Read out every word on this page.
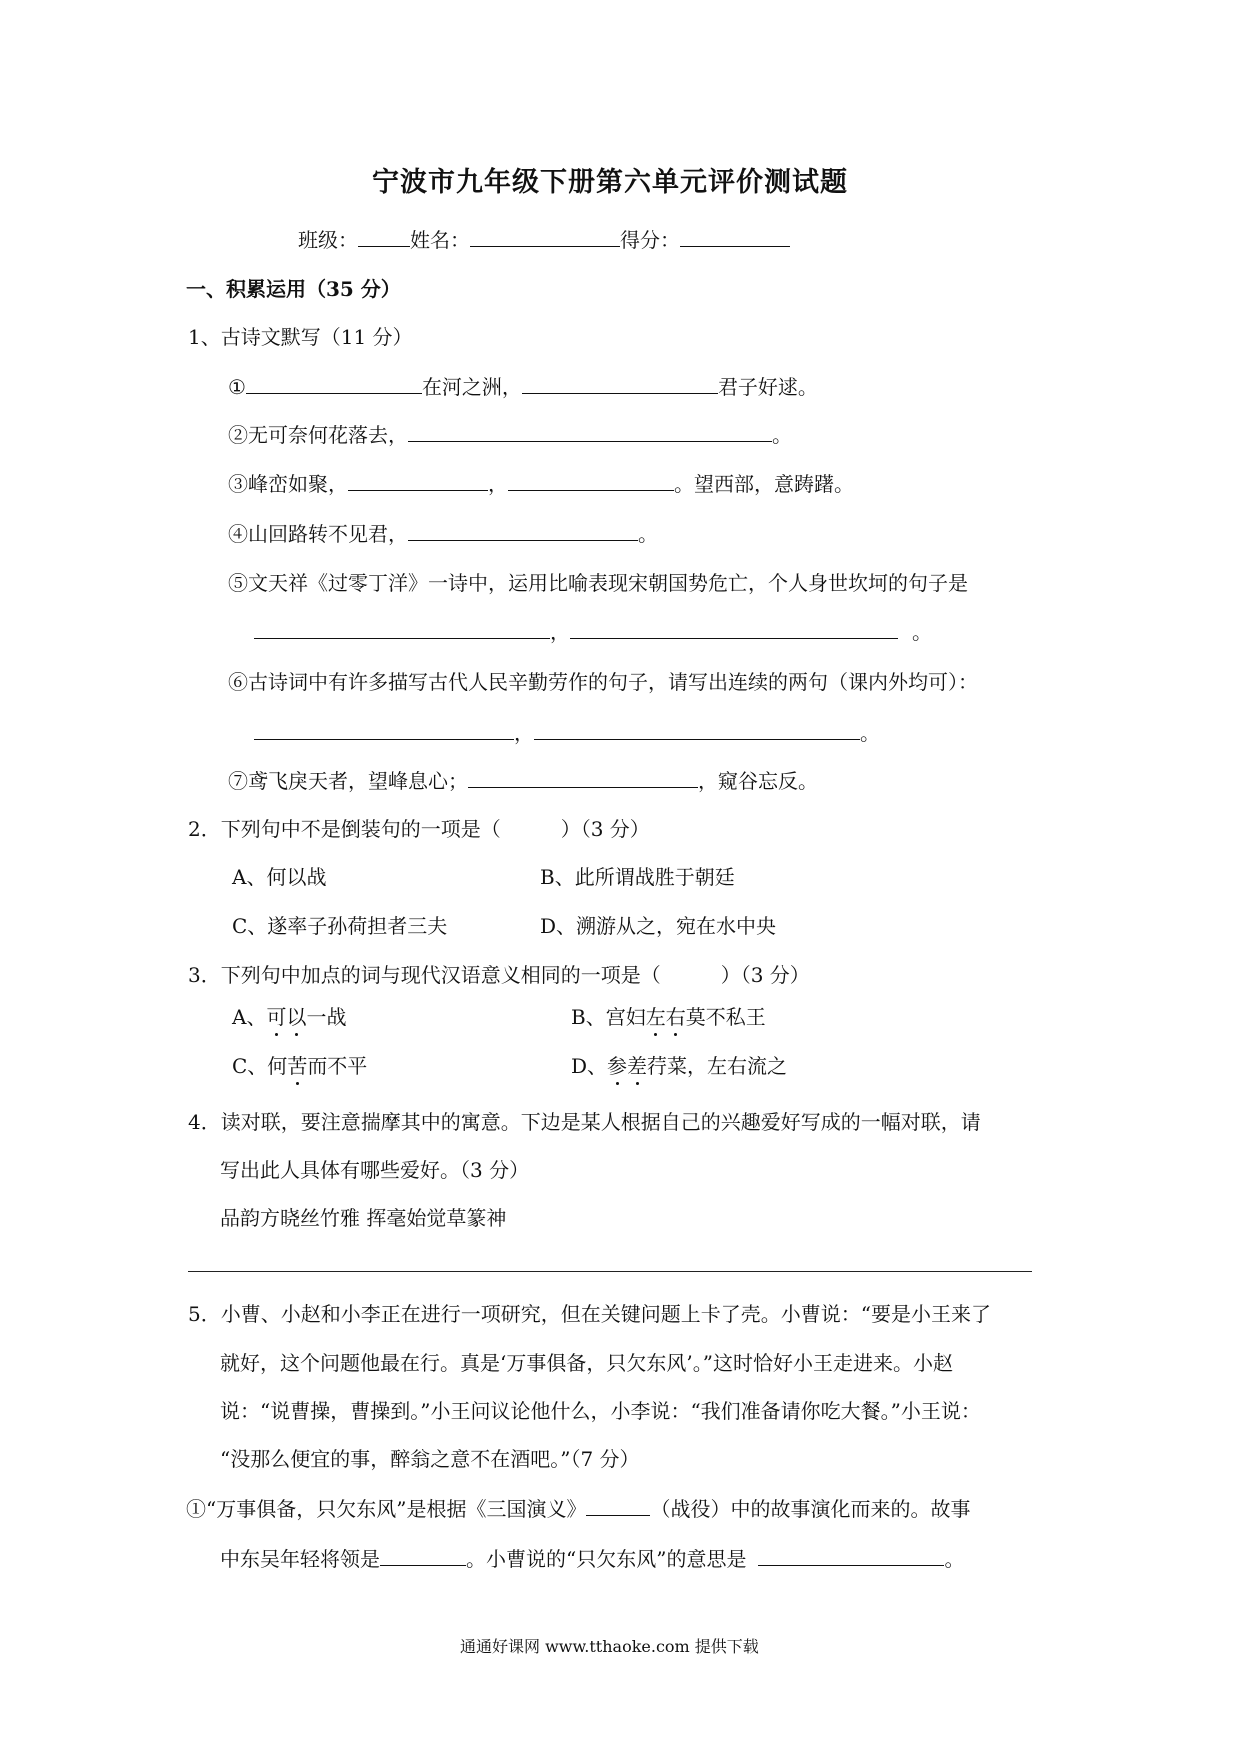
宁波市九年级下册第六单元评价测试题
班级：	姓名：	得分：
一、积累运用（35 分）
1、古诗文默写（11 分）
①	在河之洲，	君子好逑。
②无可奈何花落去，	。
③峰峦如聚，	，	。望西部，意踌躇。
④山回路转不见君，	。
⑤文天祥《过零丁洋》一诗中，运用比喻表现宋朝国势危亡，个人身世坎坷的句子是
，	。
⑥古诗词中有许多描写古代人民辛勤劳作的句子，请写出连续的两句（课内外均可）：
，	。
⑦鸢飞戾天者，望峰息心；	，窥谷忘反。
2．下列句中不是倒装句的一项是（　　　）（3 分）
A、何以战	B、此所谓战胜于朝廷
C、遂率子孙荷担者三夫	D、溯游从之，宛在水中央
3．下列句中加点的词与现代汉语意义相同的一项是（　　　）（3 分）
A、可以一战	B、宫妇左右莫不私王
C、何苦而不平	D、参差荇菜，左右流之
4．读对联，要注意揣摩其中的寓意。下边是某人根据自己的兴趣爱好写成的一幅对联，请
写出此人具体有哪些爱好。（3 分）
品韵方晓丝竹雅 挥毫始觉草篆神
5．小曹、小赵和小李正在进行一项研究，但在关键问题上卡了壳。小曹说：“要是小王来了
就好，这个问题他最在行。真是‘万事俱备，只欠东风’。”这时恰好小王走进来。小赵
说：“说曹操，曹操到。”小王问议论他什么，小李说：“我们准备请你吃大餐。”小王说：
“没那么便宜的事，醉翁之意不在酒吧。”（7 分）
①“万事俱备，只欠东风”是根据《三国演义》	（战役）中的故事演化而来的。故事
中东吴年轻将领是	。小曹说的“只欠东风”的意思是	。
通通好课网 www.tthaoke.com 提供下载
